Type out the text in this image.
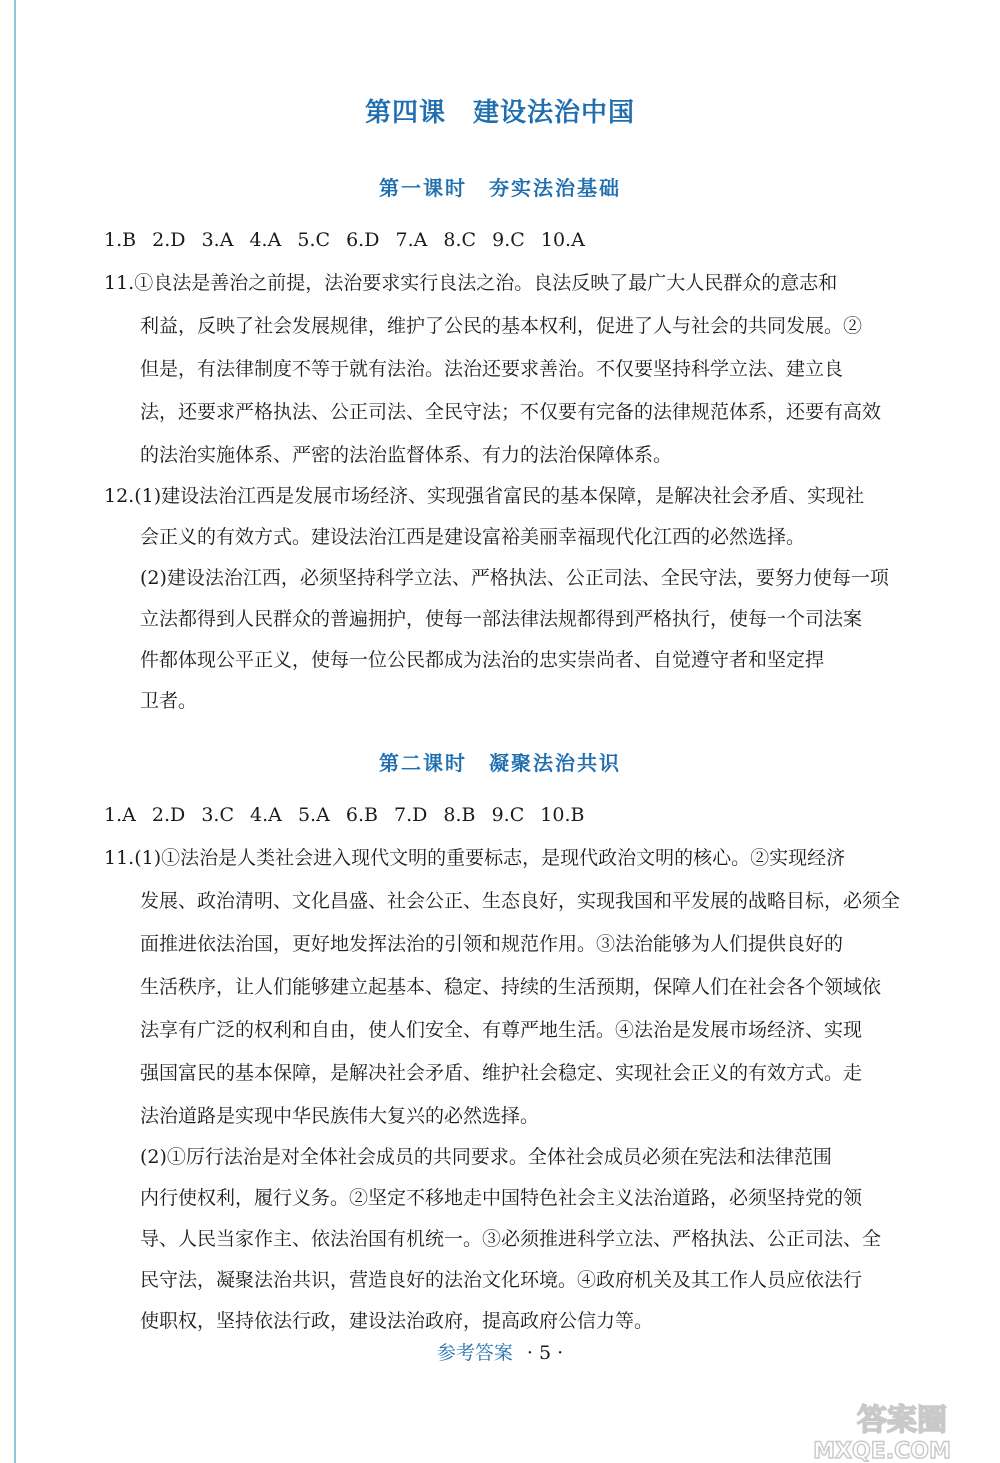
第四课　建设法治中国
第一课时　夯实法治基础
1.B 2.D 3.A 4.A 5.C 6.D 7.A 8.C 9.C 10.A
11.①良法是善治之前提，法治要求实行良法之治。良法反映了最广大人民群众的意志和
利益，反映了社会发展规律，维护了公民的基本权利，促进了人与社会的共同发展。②
但是，有法律制度不等于就有法治。法治还要求善治。不仅要坚持科学立法、建立良
法，还要求严格执法、公正司法、全民守法；不仅要有完备的法律规范体系，还要有高效
的法治实施体系、严密的法治监督体系、有力的法治保障体系。
12.(1)建设法治江西是发展市场经济、实现强省富民的基本保障，是解决社会矛盾、实现社
会正义的有效方式。建设法治江西是建设富裕美丽幸福现代化江西的必然选择。
(2)建设法治江西，必须坚持科学立法、严格执法、公正司法、全民守法，要努力使每一项
立法都得到人民群众的普遍拥护，使每一部法律法规都得到严格执行，使每一个司法案
件都体现公平正义，使每一位公民都成为法治的忠实崇尚者、自觉遵守者和坚定捍
卫者。
第二课时　凝聚法治共识
1.A 2.D 3.C 4.A 5.A 6.B 7.D 8.B 9.C 10.B
11.(1)①法治是人类社会进入现代文明的重要标志，是现代政治文明的核心。②实现经济
发展、政治清明、文化昌盛、社会公正、生态良好，实现我国和平发展的战略目标，必须全
面推进依法治国，更好地发挥法治的引领和规范作用。③法治能够为人们提供良好的
生活秩序，让人们能够建立起基本、稳定、持续的生活预期，保障人们在社会各个领域依
法享有广泛的权利和自由，使人们安全、有尊严地生活。④法治是发展市场经济、实现
强国富民的基本保障，是解决社会矛盾、维护社会稳定、实现社会正义的有效方式。走
法治道路是实现中华民族伟大复兴的必然选择。
(2)①厉行法治是对全体社会成员的共同要求。全体社会成员必须在宪法和法律范围
内行使权利，履行义务。②坚定不移地走中国特色社会主义法治道路，必须坚持党的领
导、人民当家作主、依法治国有机统一。③必须推进科学立法、严格执法、公正司法、全
民守法，凝聚法治共识，营造良好的法治文化环境。④政府机关及其工作人员应依法行
使职权，坚持依法行政，建设法治政府，提高政府公信力等。
参考答案 · 5 ·
答案圈
MXQE.COM
